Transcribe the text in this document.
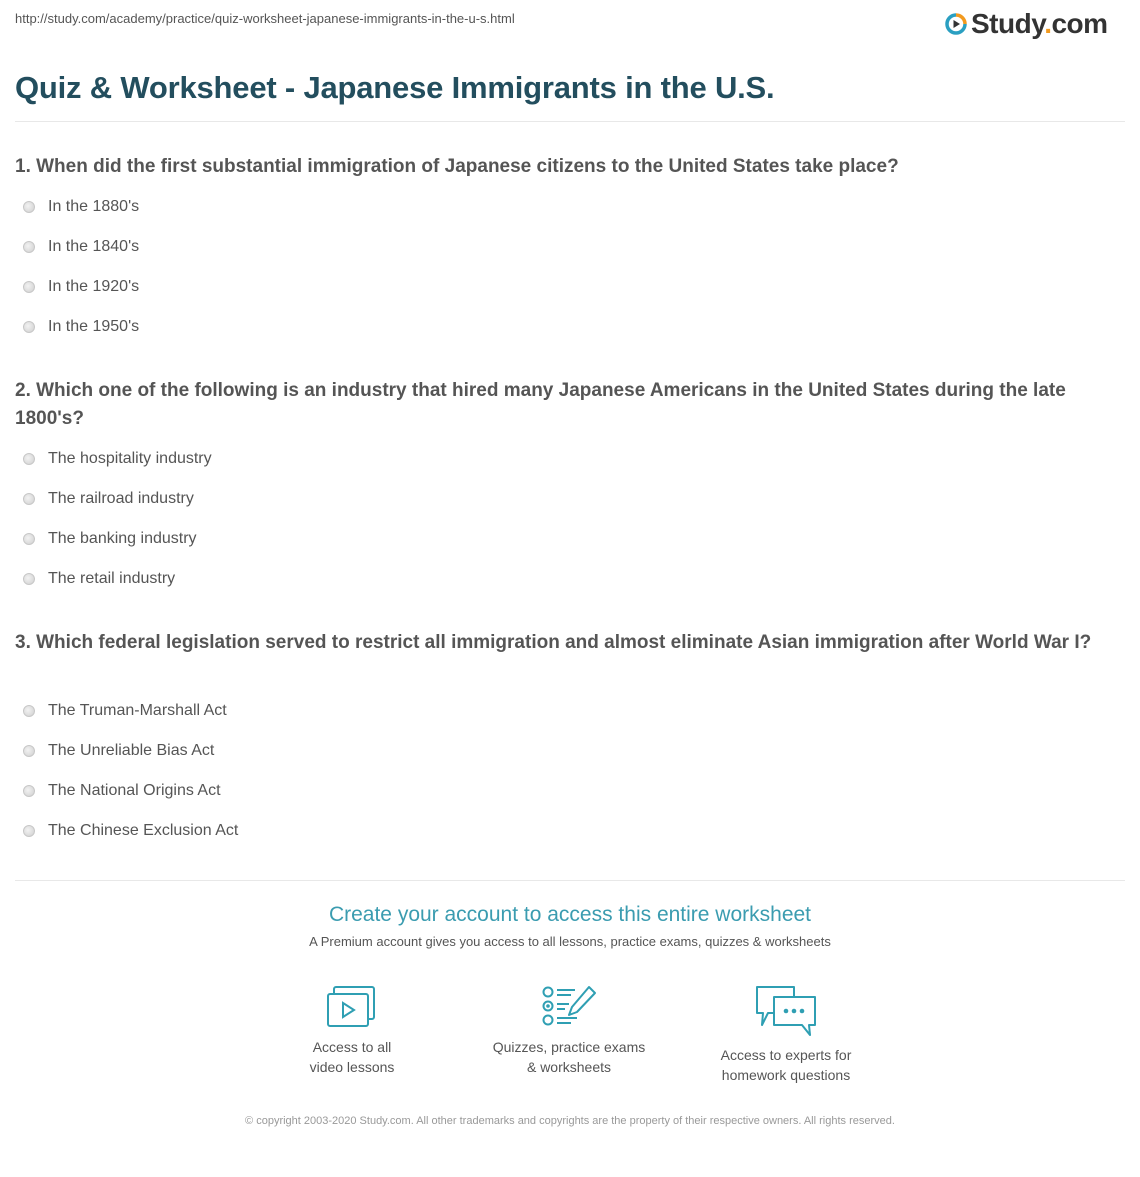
http://study.com/academy/practice/quiz-worksheet-japanese-immigrants-in-the-u-s.html	Study.com
Quiz & Worksheet - Japanese Immigrants in the U.S.
1. When did the first substantial immigration of Japanese citizens to the United States take place?
In the 1880's
In the 1840's
In the 1920's
In the 1950's
2. Which one of the following is an industry that hired many Japanese Americans in the United States during the late 1800's?
The hospitality industry
The railroad industry
The banking industry
The retail industry
3. Which federal legislation served to restrict all immigration and almost eliminate Asian immigration after World War I?
The Truman-Marshall Act
The Unreliable Bias Act
The National Origins Act
The Chinese Exclusion Act
Create your account to access this entire worksheet
A Premium account gives you access to all lessons, practice exams, quizzes & worksheets
Access to all
video lessons
Quizzes, practice exams
& worksheets
Access to experts for
homework questions
© copyright 2003-2020 Study.com. All other trademarks and copyrights are the property of their respective owners. All rights reserved.
